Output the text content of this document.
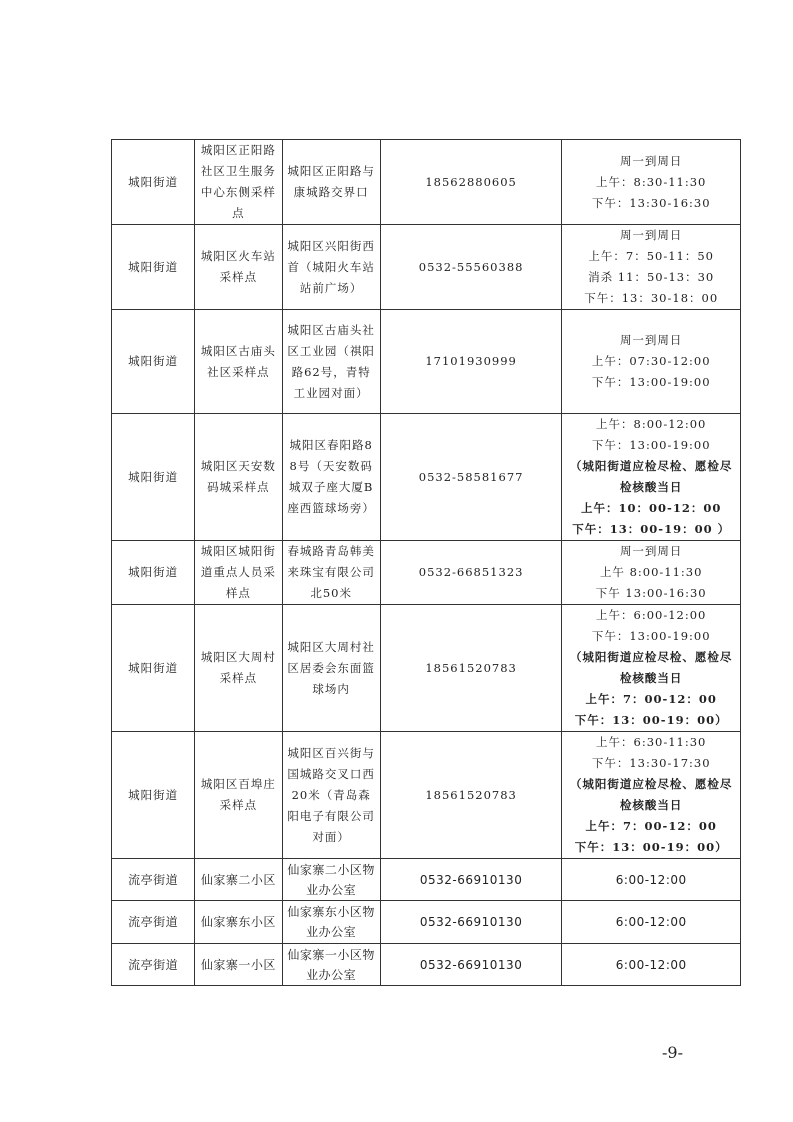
城阳街道	城阳区正阳路社区卫生服务中心东侧采样点	城阳区正阳路与康城路交界口	18562880605	周一到周日
上午：8:30-11:30
下午：13:30-16:30

城阳街道	城阳区火车站采样点	城阳区兴阳街西首（城阳火车站站前广场）	0532-55560388	周一到周日
上午：7：50-11：50
消杀 11：50-13：30
下午：13：30-18：00

城阳街道	城阳区古庙头社区采样点	城阳区古庙头社区工业园（祺阳路62号，青特工业园对面）	17101930999	周一到周日
上午：07:30-12:00
下午：13:00-19:00

城阳街道	城阳区天安数码城采样点	城阳区春阳路88号（天安数码城双子座大厦B座西篮球场旁）	0532-58581677	上午：8:00-12:00
下午：13:00-19:00
（城阳街道应检尽检、愿检尽检核酸当日
上午：10：00-12：00
下午：13：00-19：00 ）

城阳街道	城阳区城阳街道重点人员采样点	春城路青岛韩美来珠宝有限公司北50米	0532-66851323	周一到周日
上午 8:00-11:30
下午 13:00-16:30

城阳街道	城阳区大周村采样点	城阳区大周村社区居委会东面篮球场内	18561520783	上午：6:00-12:00
下午：13:00-19:00
（城阳街道应检尽检、愿检尽检核酸当日
上午：7：00-12：00
下午：13：00-19：00）

城阳街道	城阳区百埠庄采样点	城阳区百兴街与国城路交叉口西20米（青岛森阳电子有限公司对面）	18561520783	上午：6:30-11:30
下午：13:30-17:30
（城阳街道应检尽检、愿检尽检核酸当日
上午：7：00-12：00
下午：13：00-19：00）

流亭街道	仙家寨二小区	仙家寨二小区物业办公室	0532-66910130	6:00-12:00

流亭街道	仙家寨东小区	仙家寨东小区物业办公室	0532-66910130	6:00-12:00

流亭街道	仙家寨一小区	仙家寨一小区物业办公室	0532-66910130	6:00-12:00
-9-
